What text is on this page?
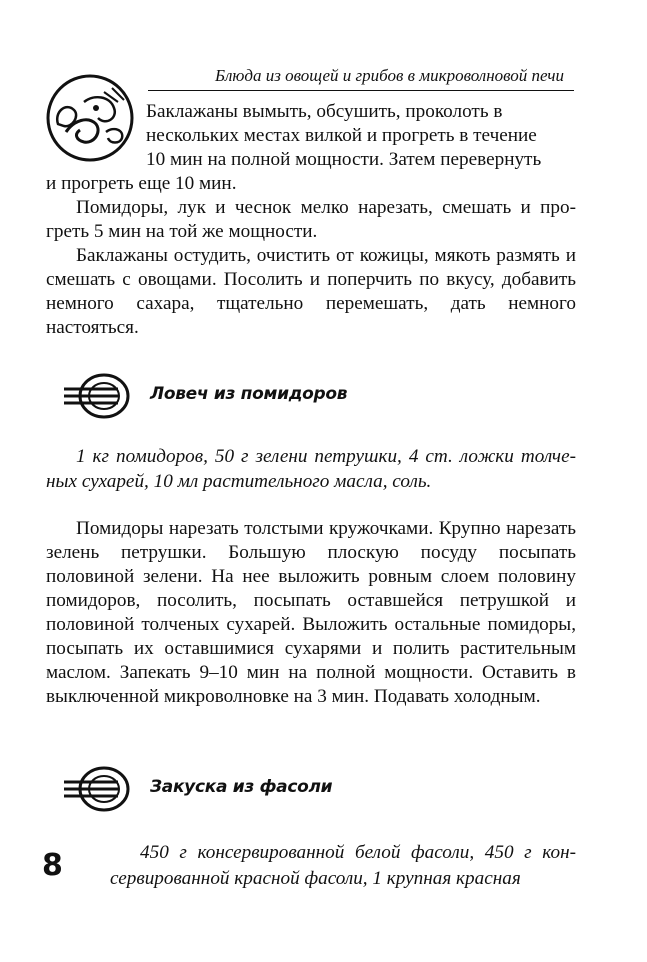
Блюда из овощей и грибов в микроволновой печи
Баклажаны вымыть, обсушить, проколоть в
нескольких местах вилкой и прогреть в течение
10 мин на полной мощности. Затем перевернуть
и прогреть еще 10 мин.

Помидоры, лук и чеснок мелко нарезать, смешать и прогреть 5 мин на той же мощности.

Баклажаны остудить, очистить от кожицы, мякоть размять и смешать с овощами. Посолить и поперчить по вкусу, добавить немного сахара, тщательно перемешать, дать немного настояться.

Ловеч из помидоров

1 кг помидоров, 50 г зелени петрушки, 4 ст. ложки толченых сухарей, 10 мл растительного масла, соль.

Помидоры нарезать толстыми кружочками. Крупно нарезать зелень петрушки. Большую плоскую посуду посыпать половиной зелени. На нее выложить ровным слоем половину помидоров, посолить, посыпать оставшейся петрушкой и половиной толченых сухарей. Выложить остальные помидоры, посыпать их оставшимися сухарями и полить растительным маслом. Запекать 9–10 мин на полной мощности. Оставить в выключенной микроволновке на 3 мин. Подавать холодным.

Закуска из фасоли
8	450 г консервированной белой фасоли, 450 г консервированной красной фасоли, 1 крупная красная
